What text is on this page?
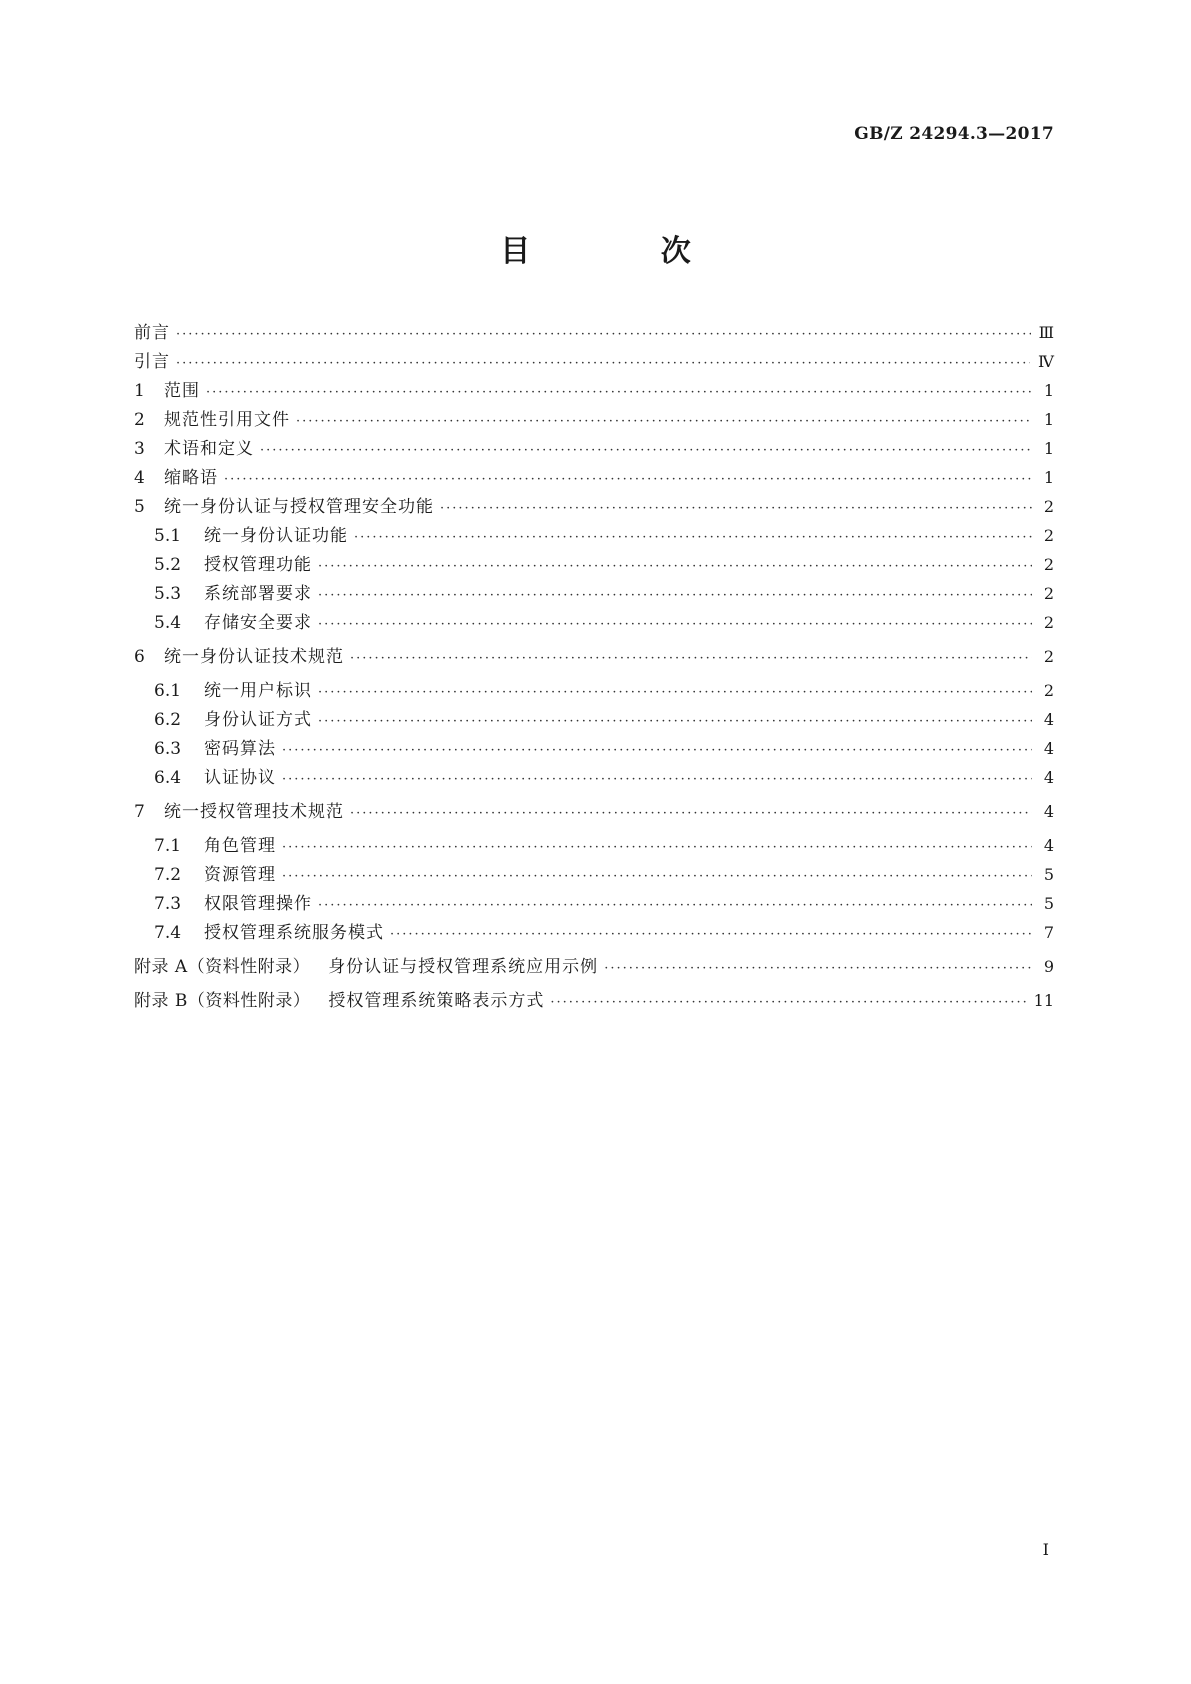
GB/Z 24294.3—2017
目 次
前言 ·····	Ⅲ
引言 ·····	Ⅳ
1	范围 ·····	1
2	规范性引用文件 ·····	1
3	术语和定义 ·····	1
4	缩略语 ·····	1
5	统一身份认证与授权管理安全功能 ·····	2
5.1	统一身份认证功能 ·····	2
5.2	授权管理功能 ·····	2
5.3	系统部署要求 ·····	2
5.4	存储安全要求 ·····	2
6	统一身份认证技术规范 ·····	2
6.1	统一用户标识 ·····	2
6.2	身份认证方式 ·····	4
6.3	密码算法 ·····	4
6.4	认证协议 ·····	4
7	统一授权管理技术规范 ·····	4
7.1	角色管理 ·····	4
7.2	资源管理 ·····	5
7.3	权限管理操作 ·····	5
7.4	授权管理系统服务模式 ·····	7
附录 A（资料性附录）	身份认证与授权管理系统应用示例 ·····	9
附录 B（资料性附录）	授权管理系统策略表示方式 ·····	11
I
